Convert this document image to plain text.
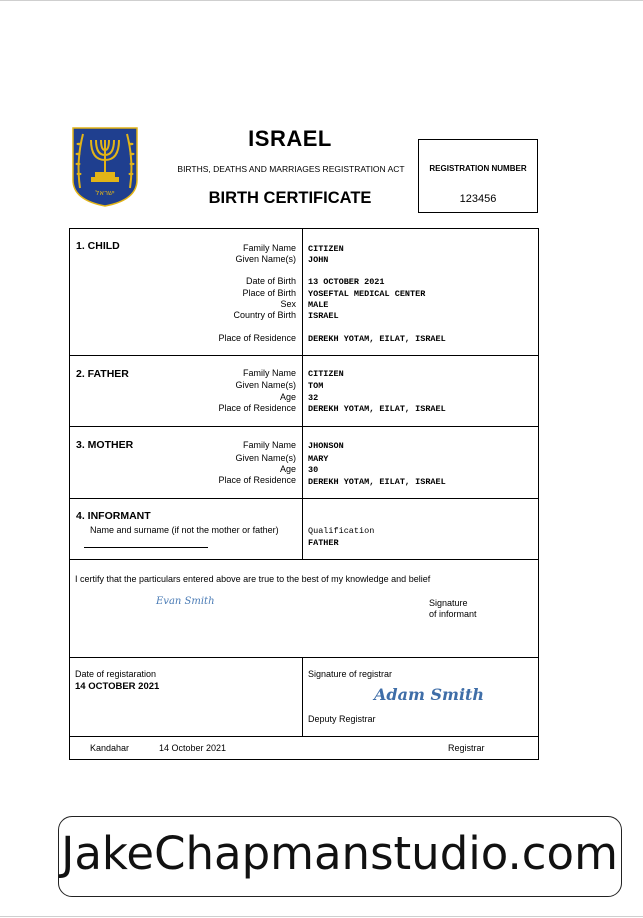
ישראל
ISRAEL
BIRTHS, DEATHS AND MARRIAGES REGISTRATION ACT
BIRTH CERTIFICATE
REGISTRATION NUMBER
123456
1. CHILD	Family Name CITIZEN
Given Name(s) JOHN
Date of Birth 13 OCTOBER 2021
Place of Birth YOSEFTAL MEDICAL CENTER
Sex MALE
Country of Birth ISRAEL
Place of Residence DEREKH YOTAM, EILAT, ISRAEL
2. FATHER	Family Name CITIZEN
Given Name(s) TOM
Age 32
Place of Residence DEREKH YOTAM, EILAT, ISRAEL
3. MOTHER	Family Name JHONSON
Given Name(s) MARY
Age 30
Place of Residence DEREKH YOTAM, EILAT, ISRAEL
4. INFORMANT
Name and surname (if not the mother or father)	Qualification
FATHER
I certify that the particulars entered above are true to the best of my knowledge and belief
Evan Smith	Signature
of informant
Date of registaration
14 OCTOBER 2021
Signature of registrar
Adam Smith
Deputy Registrar
Kandahar	14 October 2021	Registrar
JakeChapmanstudio.com
